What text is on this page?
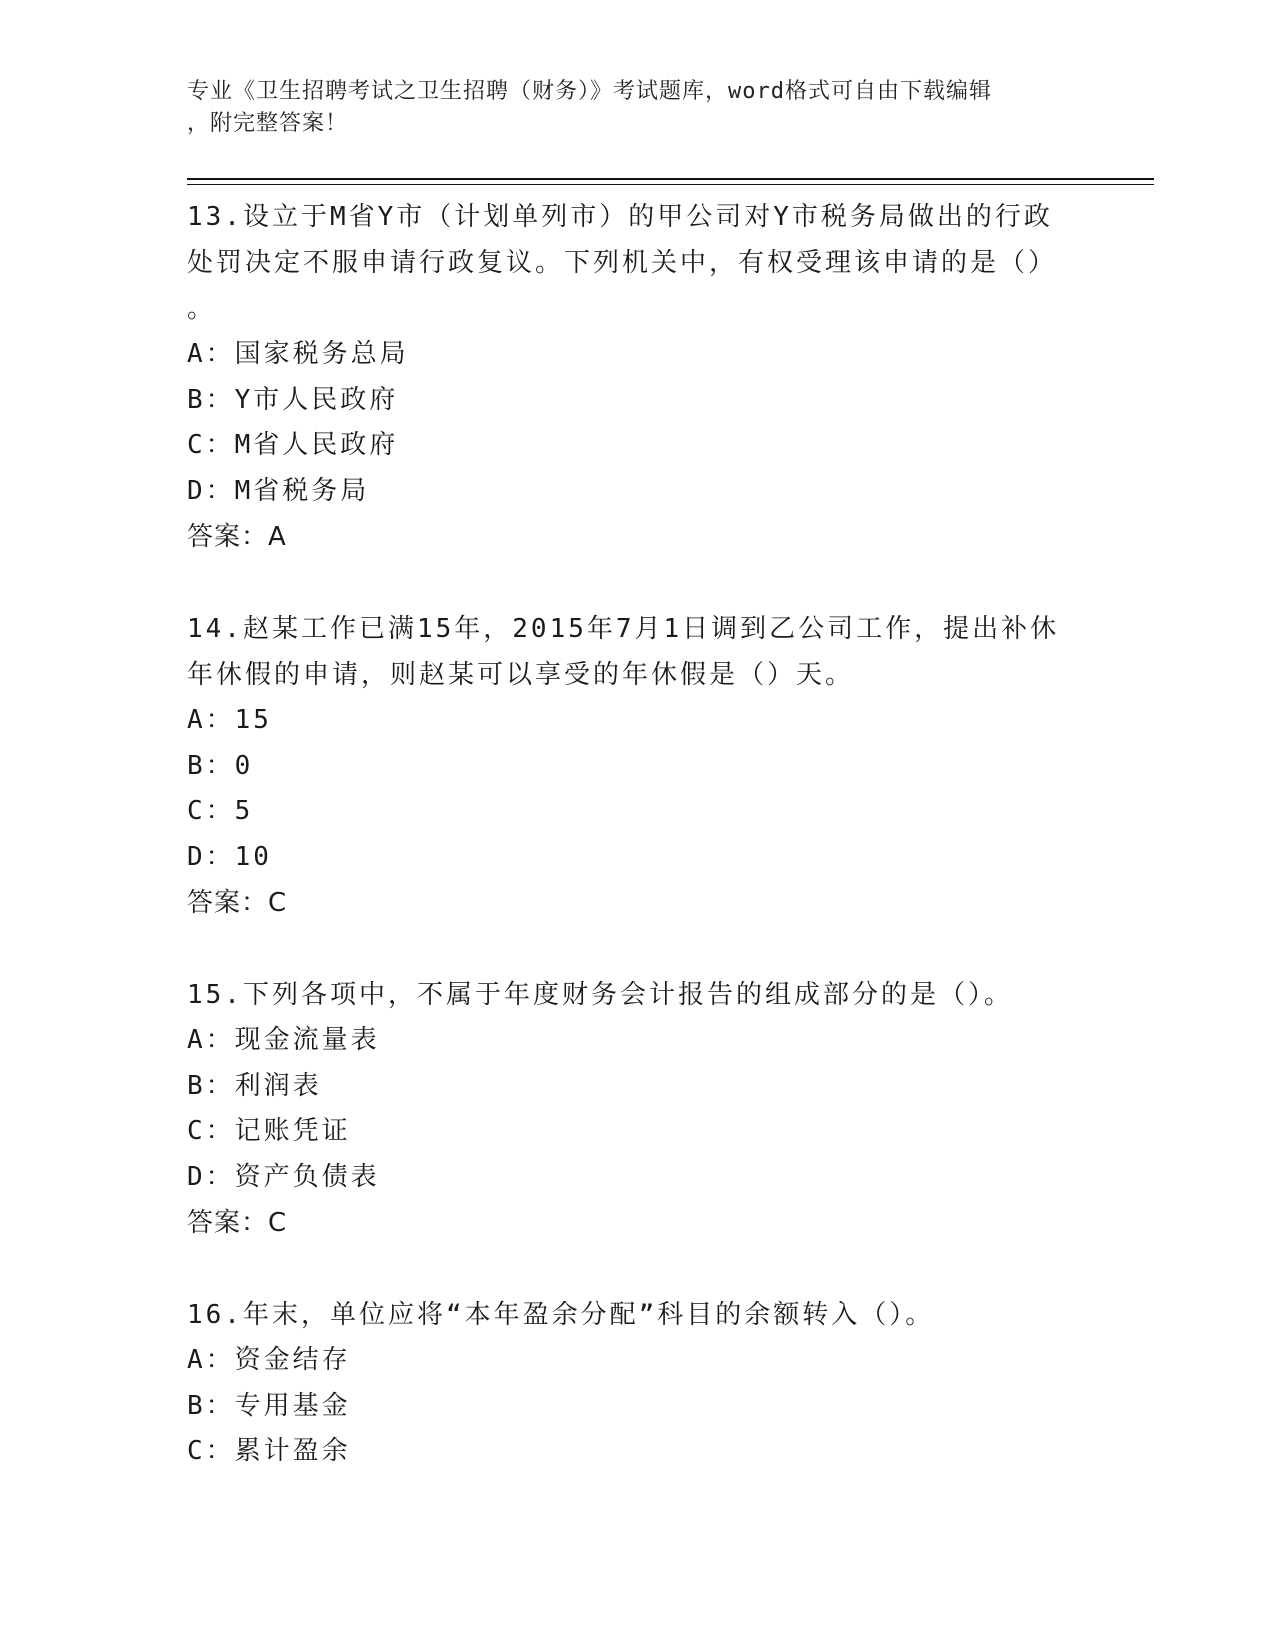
专业《卫生招聘考试之卫生招聘（财务）》考试题库，word格式可自由下载编辑
，附完整答案！
13.设立于M省Y市（计划单列市）的甲公司对Y市税务局做出的行政
处罚决定不服申请行政复议。下列机关中，有权受理该申请的是（）
。
A：国家税务总局
B：Y市人民政府
C：M省人民政府
D：M省税务局
答案：A
14.赵某工作已满15年，2015年7月1日调到乙公司工作，提出补休
年休假的申请，则赵某可以享受的年休假是（）天。
A：15
B：0
C：5
D：10
答案：C
15.下列各项中，不属于年度财务会计报告的组成部分的是（）。
A：现金流量表
B：利润表
C：记账凭证
D：资产负债表
答案：C
16.年末，单位应将“本年盈余分配”科目的余额转入（）。
A：资金结存
B：专用基金
C：累计盈余
